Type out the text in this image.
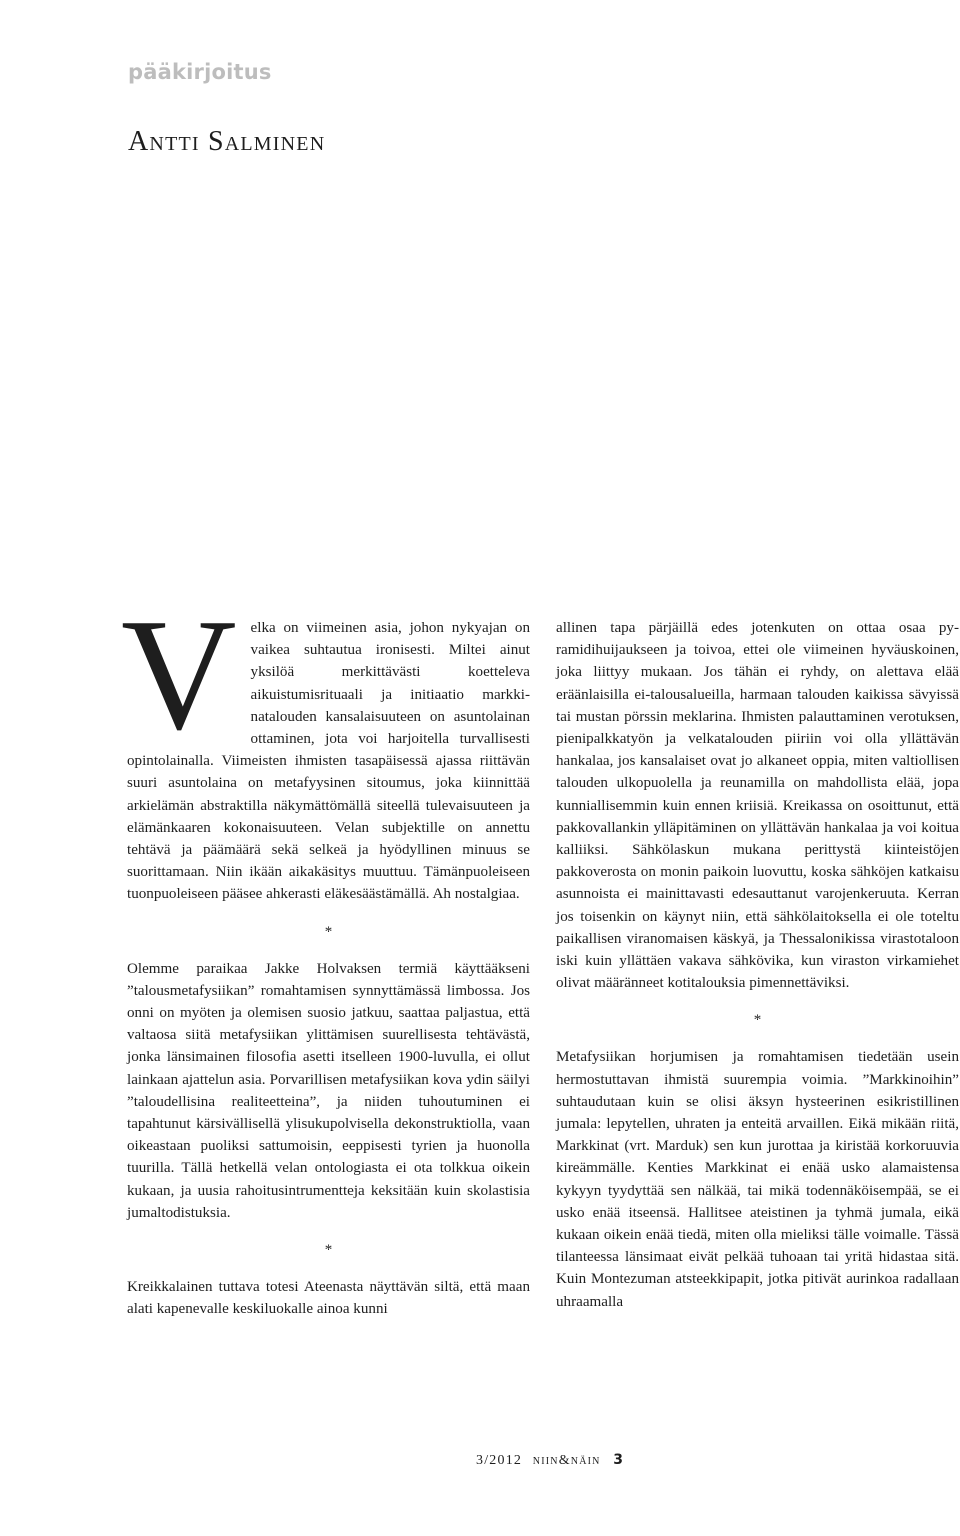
pääkirjoitus
Antti Salminen

Velka on viimeinen asia, johon nykyajan on vaikea suhtautua ironisesti. Miltei ainut yksilöä merkittävästi koetteleva aikuistumisrituaali ja initiaatio markkinatalouden kansalaisuuteen on asuntolainan ottaminen, jota voi harjoitella turvallisesti opintolainalla. Viimeisten ihmisten tasapäisessä ajassa riittävän suuri asuntolaina on metafyysinen sitoumus, joka kiinnittää arkielämän abstraktilla näkymättömällä siteellä tulevaisuuteen ja elämänkaaren kokonaisuuteen. Velan subjektille on annettu tehtävä ja päämäärä sekä selkeä ja hyödyllinen minuus se suorittamaan. Niin ikään aikakäsitys muuttuu. Tämänpuoleiseen tuonpuoleiseen pääsee ahkerasti eläkesäästämällä. Ah nostalgiaa.

*

Olemme paraikaa Jakke Holvaksen termiä käyttääkseni ”talousmetafysiikan” romahtamisen synnyttämässä limbossa. Jos onni on myöten ja olemisen suosio jatkuu, saattaa paljastua, että valtaosa siitä metafysiikan ylittämisen suurellisesta tehtävästä, jonka länsimainen filosofia asetti itselleen 1900-luvulla, ei ollut lainkaan ajattelun asia. Porvarillisen metafysiikan kova ydin säilyi ”taloudellisina realiteetteina”, ja niiden tuhoutuminen ei tapahtunut kärsivällisellä ylisukupolvisella dekonstruktiolla, vaan oikeastaan puoliksi sattumoisin, eeppisesti tyrien ja huonolla tuurilla. Tällä hetkellä velan ontologiasta ei ota tolkkua oikein kukaan, ja uusia rahoitusintrumentteja keksitään kuin skolastisia jumaltodistuksia.

*

Kreikkalainen tuttava totesi Ateenasta näyttävän siltä, että maan alati kapenevalle keskiluokalle ainoa kunni

allinen tapa pärjäillä edes jotenkuten on ottaa osaa pyramidihuijaukseen ja toivoa, ettei ole viimeinen hyväuskoinen, joka liittyy mukaan. Jos tähän ei ryhdy, on alettava elää eräänlaisilla ei-talousalueilla, harmaan talouden kaikissa sävyissä tai mustan pörssin meklarina. Ihmisten palauttaminen verotuksen, pienipalkkatyön ja velkatalouden piiriin voi olla yllättävän hankalaa, jos kansalaiset ovat jo alkaneet oppia, miten valtiollisen talouden ulkopuolella ja reunamilla on mahdollista elää, jopa kunniallisemmin kuin ennen kriisiä. Kreikassa on osoittunut, että pakkovallankin ylläpitäminen on yllättävän hankalaa ja voi koitua kalliiksi. Sähkölaskun mukana perittystä kiinteistöjen pakkoverosta on monin paikoin luovuttu, koska sähköjen katkaisu asunnoista ei mainittavasti edesauttanut varojenkeruuta. Kerran jos toisenkin on käynyt niin, että sähkölaitoksella ei ole toteltu paikallisen viranomaisen käskyä, ja Thessalonikissa virastotaloon iski kuin yllättäen vakava sähkövika, kun viraston virkamiehet olivat määränneet kotitalouksia pimennettäviksi.

*

Metafysiikan horjumisen ja romahtamisen tiedetään usein hermostuttavan ihmistä suurempia voimia. ”Markkinoihin” suhtaudutaan kuin se olisi äksyn hysteerinen esikristillinen jumala: lepytellen, uhraten ja enteitä arvaillen. Eikä mikään riitä, Markkinat (vrt. Marduk) sen kun jurottaa ja kiristää korkoruuvia kireämmälle. Kenties Markkinat ei enää usko alamaistensa kykyyn tyydyttää sen nälkää, tai mikä todennäköisempää, se ei usko enää itseensä. Hallitsee ateistinen ja tyhmä jumala, eikä kukaan oikein enää tiedä, miten olla mieliksi tälle voimalle. Tässä tilanteessa länsimaat eivät pelkää tuhoaan tai yritä hidastaa sitä. Kuin Montezuman atsteekkipapit, jotka pitivät aurinkoa radallaan uhraamalla

3/2012 niin&näin 3
